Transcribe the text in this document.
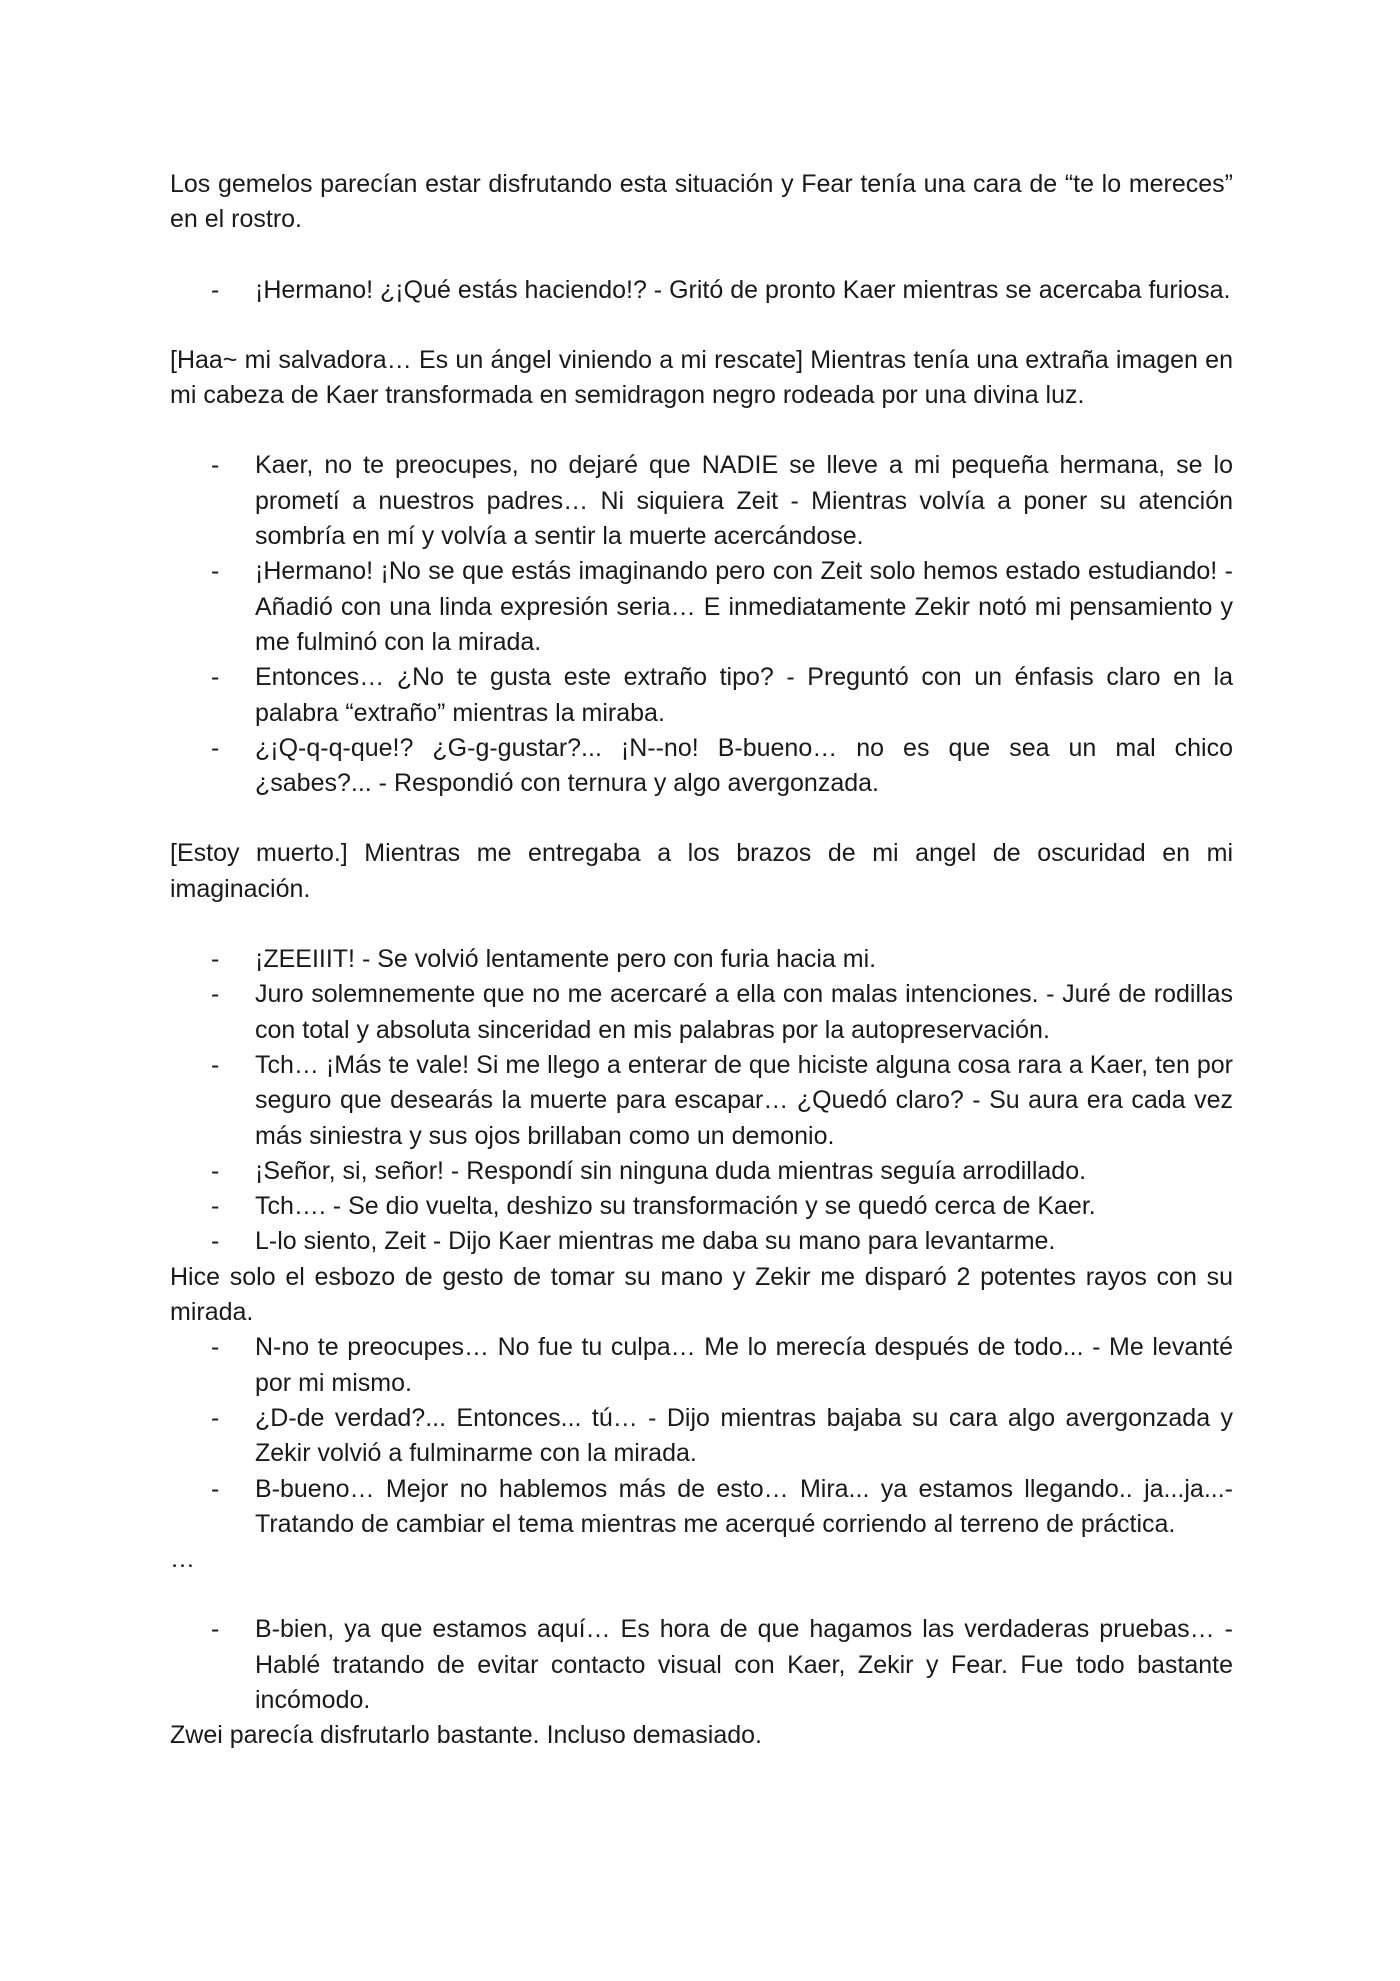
Los gemelos parecían estar disfrutando esta situación y Fear tenía una cara de “te lo mereces” en el rostro.

- ¡Hermano! ¿¡Qué estás haciendo!? - Gritó de pronto Kaer mientras se acercaba furiosa.

[Haa~ mi salvadora… Es un ángel viniendo a mi rescate] Mientras tenía una extraña imagen en mi cabeza de Kaer transformada en semidragon negro rodeada por una divina luz.

- Kaer, no te preocupes, no dejaré que NADIE se lleve a mi pequeña hermana, se lo prometí a nuestros padres… Ni siquiera Zeit - Mientras volvía a poner su atención sombría en mí y volvía a sentir la muerte acercándose.
- ¡Hermano! ¡No se que estás imaginando pero con Zeit solo hemos estado estudiando! - Añadió con una linda expresión seria… E inmediatamente Zekir notó mi pensamiento y me fulminó con la mirada.
- Entonces… ¿No te gusta este extraño tipo? - Preguntó con un énfasis claro en la palabra “extraño” mientras la miraba.
- ¿¡Q-q-q-que!? ¿G-g-gustar?... ¡N--no! B-bueno… no es que sea un mal chico ¿sabes?... - Respondió con ternura y algo avergonzada.

[Estoy muerto.] Mientras me entregaba a los brazos de mi angel de oscuridad en mi imaginación.

- ¡ZEEIIIT! - Se volvió lentamente pero con furia hacia mi.
- Juro solemnemente que no me acercaré a ella con malas intenciones. - Juré de rodillas con total y absoluta sinceridad en mis palabras por la autopreservación.
- Tch… ¡Más te vale! Si me llego a enterar de que hiciste alguna cosa rara a Kaer, ten por seguro que desearás la muerte para escapar… ¿Quedó claro? - Su aura era cada vez más siniestra y sus ojos brillaban como un demonio.
- ¡Señor, si, señor! - Respondí sin ninguna duda mientras seguía arrodillado.
- Tch…. - Se dio vuelta, deshizo su transformación y se quedó cerca de Kaer.
- L-lo siento, Zeit - Dijo Kaer mientras me daba su mano para levantarme.

Hice solo el esbozo de gesto de tomar su mano y Zekir me disparó 2 potentes rayos con su mirada.

- N-no te preocupes… No fue tu culpa… Me lo merecía después de todo... - Me levanté por mi mismo.
- ¿D-de verdad?... Entonces... tú… - Dijo mientras bajaba su cara algo avergonzada y Zekir volvió a fulminarme con la mirada.
- B-bueno… Mejor no hablemos más de esto… Mira... ya estamos llegando.. ja...ja...- Tratando de cambiar el tema mientras me acerqué corriendo al terreno de práctica.

…

- B-bien, ya que estamos aquí… Es hora de que hagamos las verdaderas pruebas… - Hablé tratando de evitar contacto visual con Kaer, Zekir y Fear. Fue todo bastante incómodo.

Zwei parecía disfrutarlo bastante. Incluso demasiado.
